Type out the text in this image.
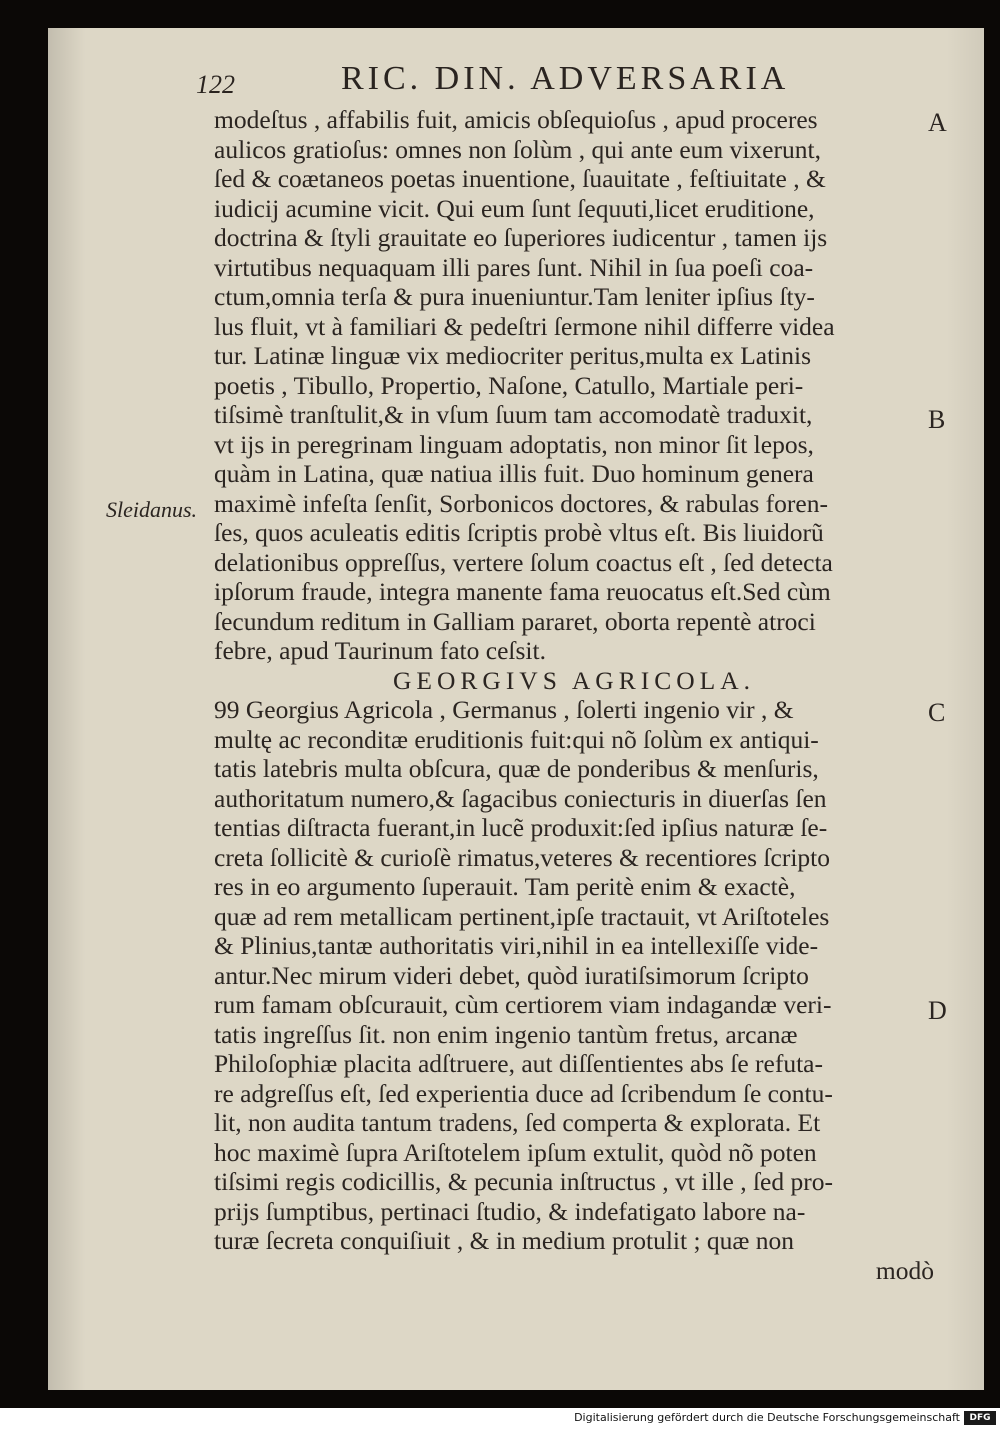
122	RIC. DIN. ADVERSARIA
A
B
C
D
Sleidanus.
modeſtus , affabilis fuit, amicis obſequioſus , apud proceres
aulicos gratioſus: omnes non ſolùm , qui ante eum vixerunt,
ſed & coætaneos poetas inuentione, ſuauitate , feſtiuitate , &
iudicij acumine vicit. Qui eum ſunt ſequuti,licet eruditione,
doctrina & ſtyli grauitate eo ſuperiores iudicentur , tamen ijs
virtutibus nequaquam illi pares ſunt. Nihil in ſua poeſi coa-
ctum,omnia terſa & pura inueniuntur.Tam leniter ipſius ſty-
lus fluit, vt à familiari & pedeſtri ſermone nihil differre videa
tur. Latinæ linguæ vix mediocriter peritus,multa ex Latinis
poetis , Tibullo, Propertio, Naſone, Catullo, Martiale peri-
tiſsimè tranſtulit,& in vſum ſuum tam accomodatè traduxit,
vt ijs in peregrinam linguam adoptatis, non minor ſit lepos,
quàm in Latina, quæ natiua illis fuit. Duo hominum genera
maximè infeſta ſenſit, Sorbonicos doctores, & rabulas foren-
ſes, quos aculeatis editis ſcriptis probè vltus eſt. Bis liuidorũ
delationibus oppreſſus, vertere ſolum coactus eſt , ſed detecta
ipſorum fraude, integra manente fama reuocatus eſt.Sed cùm
ſecundum reditum in Galliam pararet, oborta repentè atroci
febre, apud Taurinum fato ceſsit.
GEORGIVS AGRICOLA.
99 Georgius Agricola , Germanus , ſolerti ingenio vir , &
multę ac reconditæ eruditionis fuit:qui nõ ſolùm ex antiqui-
tatis latebris multa obſcura, quæ de ponderibus & menſuris,
authoritatum numero,& ſagacibus coniecturis in diuerſas ſen
tentias diſtracta fuerant,in lucẽ produxit:ſed ipſius naturæ ſe-
creta ſollicitè & curioſè rimatus,veteres & recentiores ſcripto
res in eo argumento ſuperauit. Tam peritè enim & exactè,
quæ ad rem metallicam pertinent,ipſe tractauit, vt Ariſtoteles
& Plinius,tantæ authoritatis viri,nihil in ea intellexiſſe vide-
antur.Nec mirum videri debet, quòd iuratiſsimorum ſcripto
rum famam obſcurauit, cùm certiorem viam indagandæ veri-
tatis ingreſſus ſit. non enim ingenio tantùm fretus, arcanæ
Philoſophiæ placita adſtruere, aut diſſentientes abs ſe refuta-
re adgreſſus eſt, ſed experientia duce ad ſcribendum ſe contu-
lit, non audita tantum tradens, ſed comperta & explorata. Et
hoc maximè ſupra Ariſtotelem ipſum extulit, quòd nõ poten
tiſsimi regis codicillis, & pecunia inſtructus , vt ille , ſed pro-
prijs ſumptibus, pertinaci ſtudio, & indefatigato labore na-
turæ ſecreta conquiſiuit , & in medium protulit ; quæ non
modò
Digitalisierung gefördert durch die Deutsche Forschungsgemeinschaft	DFG
